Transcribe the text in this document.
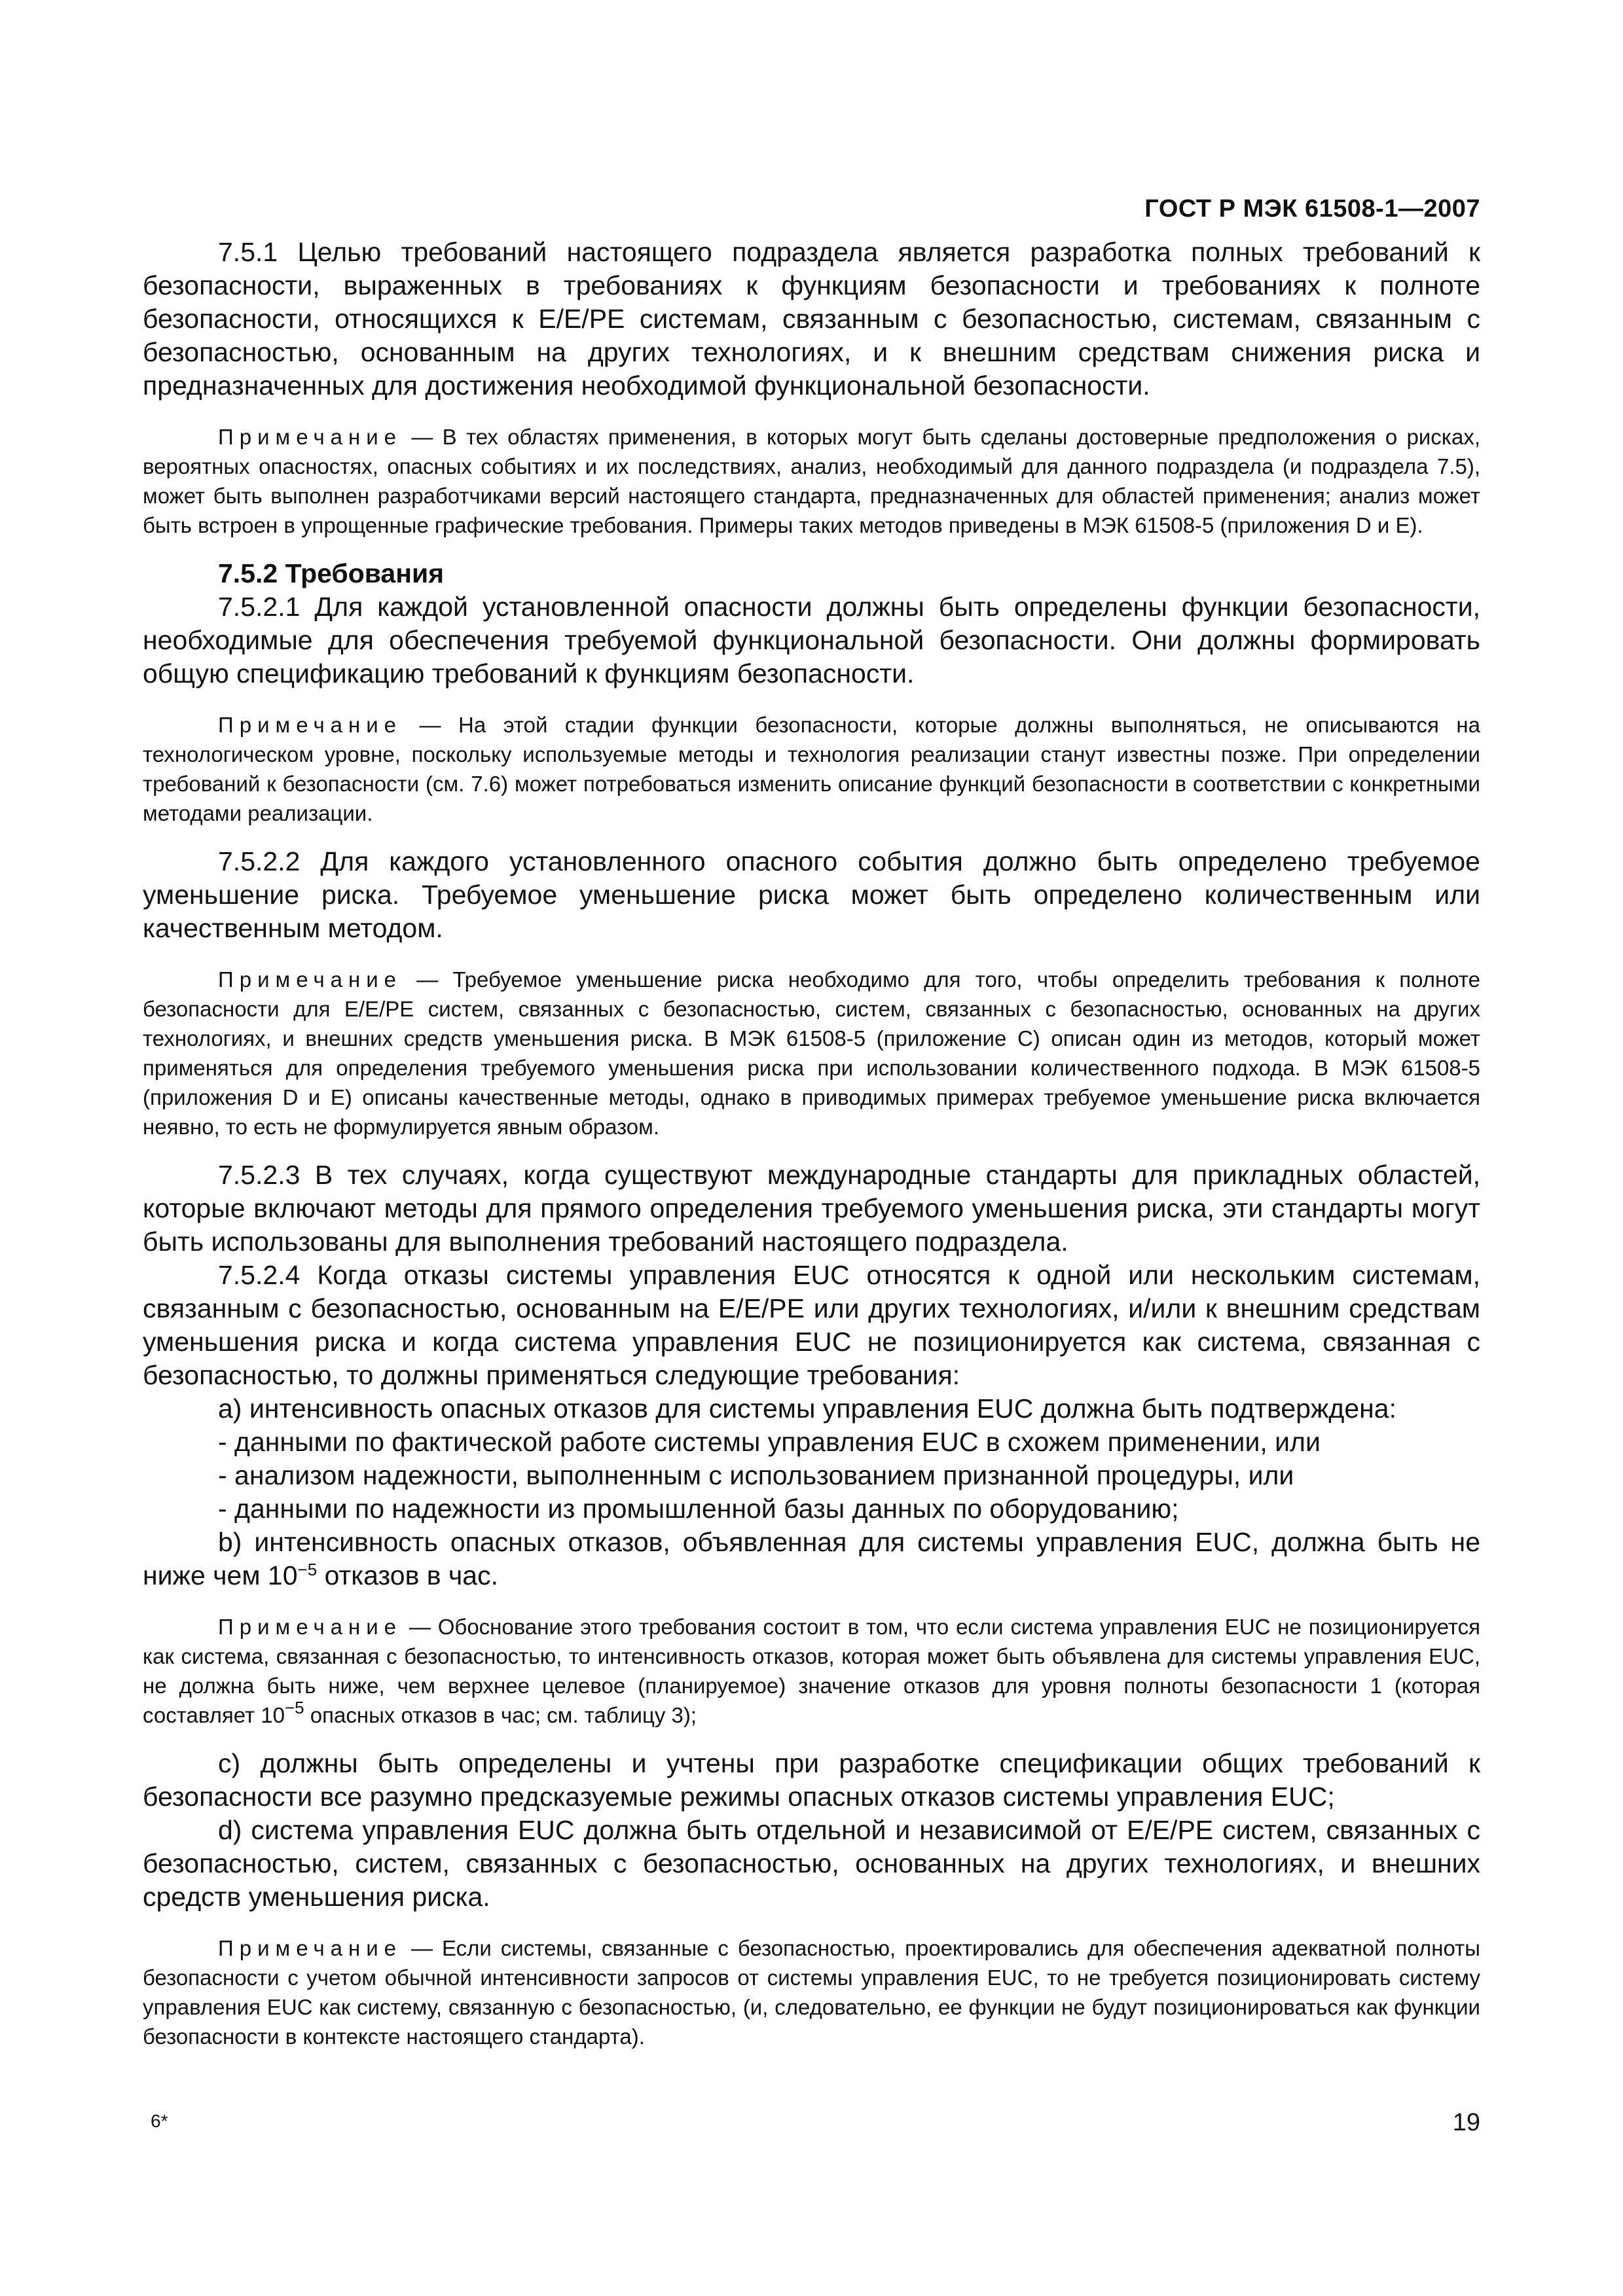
ГОСТ Р МЭК 61508-1—2007

7.5.1 Целью требований настоящего подраздела является разработка полных требований к безопасности, выраженных в требованиях к функциям безопасности и требованиях к полноте безопасности, относящихся к Е/Е/РЕ системам, связанным с безопасностью, системам, связанным с безопасностью, основанным на других технологиях, и к внешним средствам снижения риска и предназначенных для достижения необходимой функциональной безопасности.

Примечание — В тех областях применения, в которых могут быть сделаны достоверные предположения о рисках, вероятных опасностях, опасных событиях и их последствиях, анализ, необходимый для данного подраздела (и подраздела 7.5), может быть выполнен разработчиками версий настоящего стандарта, предназначенных для областей применения; анализ может быть встроен в упрощенные графические требования. Примеры таких методов приведены в МЭК 61508-5 (приложения D и Е).

7.5.2 Требования

7.5.2.1 Для каждой установленной опасности должны быть определены функции безопасности, необходимые для обеспечения требуемой функциональной безопасности. Они должны формировать общую спецификацию требований к функциям безопасности.

Примечание — На этой стадии функции безопасности, которые должны выполняться, не описываются на технологическом уровне, поскольку используемые методы и технология реализации станут известны позже. При определении требований к безопасности (см. 7.6) может потребоваться изменить описание функций безопасности в соответствии с конкретными методами реализации.

7.5.2.2 Для каждого установленного опасного события должно быть определено требуемое уменьшение риска. Требуемое уменьшение риска может быть определено количественным или качественным методом.

Примечание — Требуемое уменьшение риска необходимо для того, чтобы определить требования к полноте безопасности для Е/Е/РЕ систем, связанных с безопасностью, систем, связанных с безопасностью, основанных на других технологиях, и внешних средств уменьшения риска. В МЭК 61508-5 (приложение С) описан один из методов, который может применяться для определения требуемого уменьшения риска при использовании количественного подхода. В МЭК 61508-5 (приложения D и Е) описаны качественные методы, однако в приводимых примерах требуемое уменьшение риска включается неявно, то есть не формулируется явным образом.

7.5.2.3 В тех случаях, когда существуют международные стандарты для прикладных областей, которые включают методы для прямого определения требуемого уменьшения риска, эти стандарты могут быть использованы для выполнения требований настоящего подраздела.

7.5.2.4 Когда отказы системы управления EUC относятся к одной или нескольким системам, связанным с безопасностью, основанным на Е/Е/РЕ или других технологиях, и/или к внешним средствам уменьшения риска и когда система управления EUC не позиционируется как система, связанная с безопасностью, то должны применяться следующие требования:

а) интенсивность опасных отказов для системы управления EUC должна быть подтверждена:

- данными по фактической работе системы управления EUC в схожем применении, или

- анализом надежности, выполненным с использованием признанной процедуры, или

- данными по надежности из промышленной базы данных по оборудованию;

b) интенсивность опасных отказов, объявленная для системы управления EUC, должна быть не ниже чем $10^{-5}$ отказов в час.

Примечание — Обоснование этого требования состоит в том, что если система управления EUC не позиционируется как система, связанная с безопасностью, то интенсивность отказов, которая может быть объявлена для системы управления EUC, не должна быть ниже, чем верхнее целевое (планируемое) значение отказов для уровня полноты безопасности 1 (которая составляет $10^{-5}$ опасных отказов в час; см. таблицу 3);

с) должны быть определены и учтены при разработке спецификации общих требований к безопасности все разумно предсказуемые режимы опасных отказов системы управления EUC;

d) система управления EUC должна быть отдельной и независимой от Е/Е/РЕ систем, связанных с безопасностью, систем, связанных с безопасностью, основанных на других технологиях, и внешних средств уменьшения риска.

Примечание — Если системы, связанные с безопасностью, проектировались для обеспечения адекватной полноты безопасности с учетом обычной интенсивности запросов от системы управления EUC, то не требуется позиционировать систему управления EUC как систему, связанную с безопасностью, (и, следовательно, ее функции не будут позиционироваться как функции безопасности в контексте настоящего стандарта).

6*	19
